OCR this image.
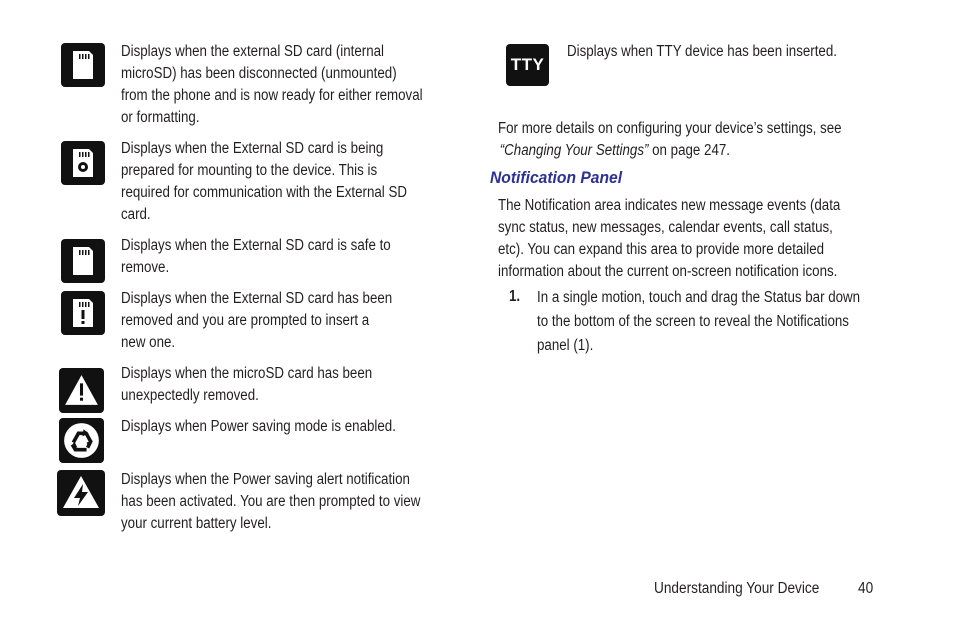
Displays when the external SD card (internal
microSD) has been disconnected (unmounted)
from the phone and is now ready for either removal
or formatting.
Displays when the External SD card is being
prepared for mounting to the device. This is
required for communication with the External SD
card.
Displays when the External SD card is safe to
remove.
Displays when the External SD card has been
removed and you are prompted to insert a
new one.
Displays when the microSD card has been
unexpectedly removed.
Displays when Power saving mode is enabled.
Displays when the Power saving alert notification
has been activated. You are then prompted to view
your current battery level.
TTY
Displays when TTY device has been inserted.
For more details on configuring your device’s settings, see
“Changing Your Settings” on page 247.
Notification Panel
The Notification area indicates new message events (data
sync status, new messages, calendar events, call status,
etc). You can expand this area to provide more detailed
information about the current on-screen notification icons.
1. In a single motion, touch and drag the Status bar down
to the bottom of the screen to reveal the Notifications
panel (1).
Understanding Your Device 40
